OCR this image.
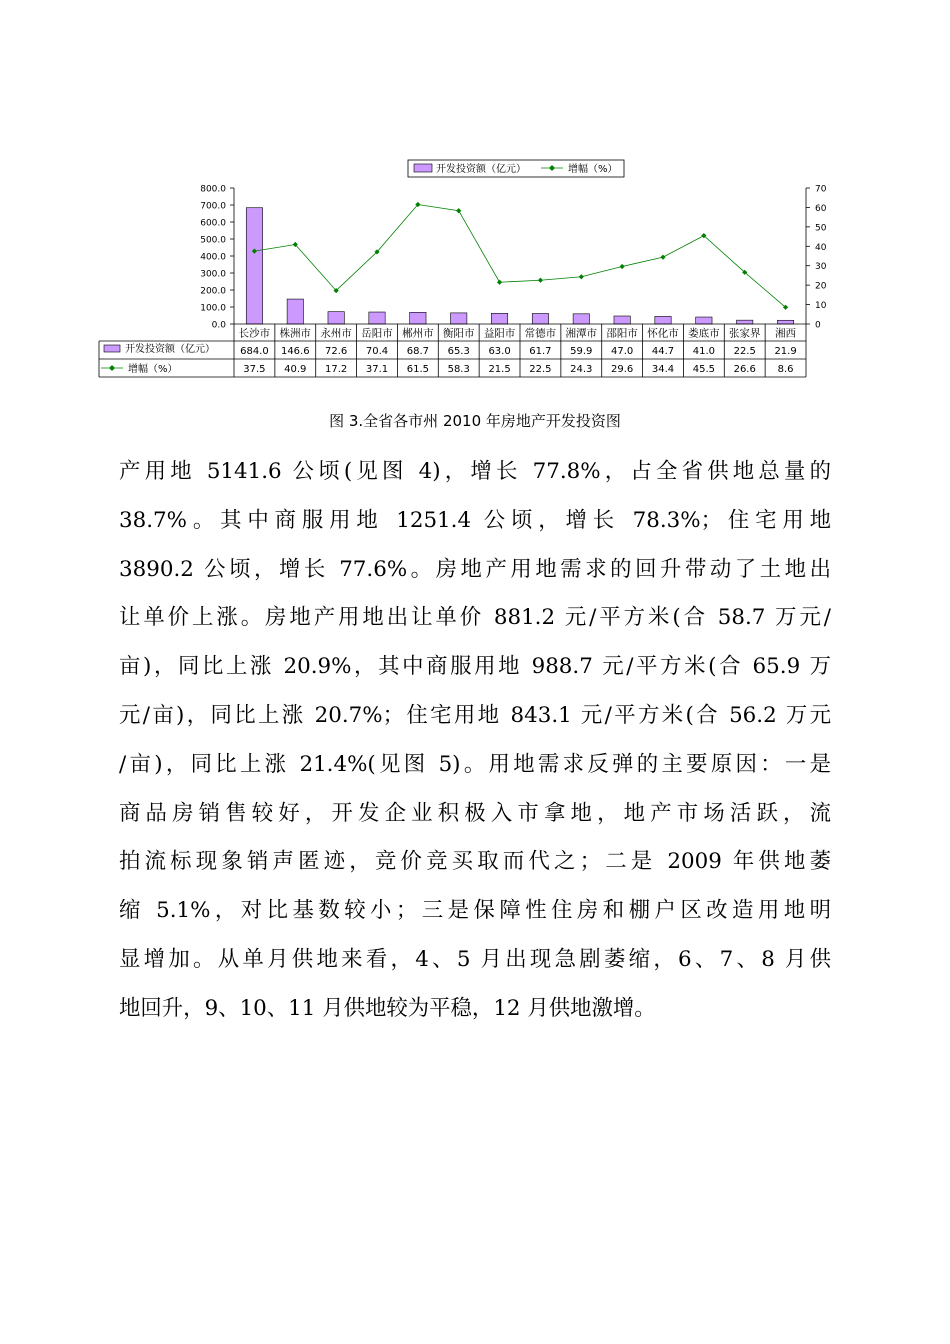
开发投资额（亿元）	增幅（%）
800.0
700.0
600.0
500.0
400.0
300.0
200.0
100.0
0.0
70
60
50
40
30
20
10
0
开发投资额（亿元）
增幅（%）
长沙市
684.0
37.5
株洲市
146.6
40.9
永州市
72.6
17.2
岳阳市
70.4
37.1
郴州市
68.7
61.5
衡阳市
65.3
58.3
益阳市
63.0
21.5
常德市
61.7
22.5
湘潭市
59.9
24.3
邵阳市
47.0
29.6
怀化市
44.7
34.4
娄底市
41.0
45.5
张家界
22.5
26.6
湘西
21.9
8.6
图 3.全省各市州 2010 年房地产开发投资图
产用地 5141.6 公顷(见图 4)，增长 77.8%，占全省供地总量的
38.7%。其中商服用地 1251.4 公顷，增长 78.3%；住宅用地
3890.2 公顷，增长 77.6%。房地产用地需求的回升带动了土地出
让单价上涨。房地产用地出让单价 881.2 元/平方米(合 58.7 万元/
亩)，同比上涨 20.9%，其中商服用地 988.7 元/平方米(合 65.9 万
元/亩)，同比上涨 20.7%；住宅用地 843.1 元/平方米(合 56.2 万元
/亩)，同比上涨 21.4%(见图 5)。用地需求反弹的主要原因：一是
商品房销售较好，开发企业积极入市拿地，地产市场活跃，流
拍流标现象销声匿迹，竞价竞买取而代之；二是 2009 年供地萎
缩 5.1%，对比基数较小；三是保障性住房和棚户区改造用地明
显增加。从单月供地来看，4、5 月出现急剧萎缩，6、7、8 月供
地回升，9、10、11 月供地较为平稳，12 月供地激增。
